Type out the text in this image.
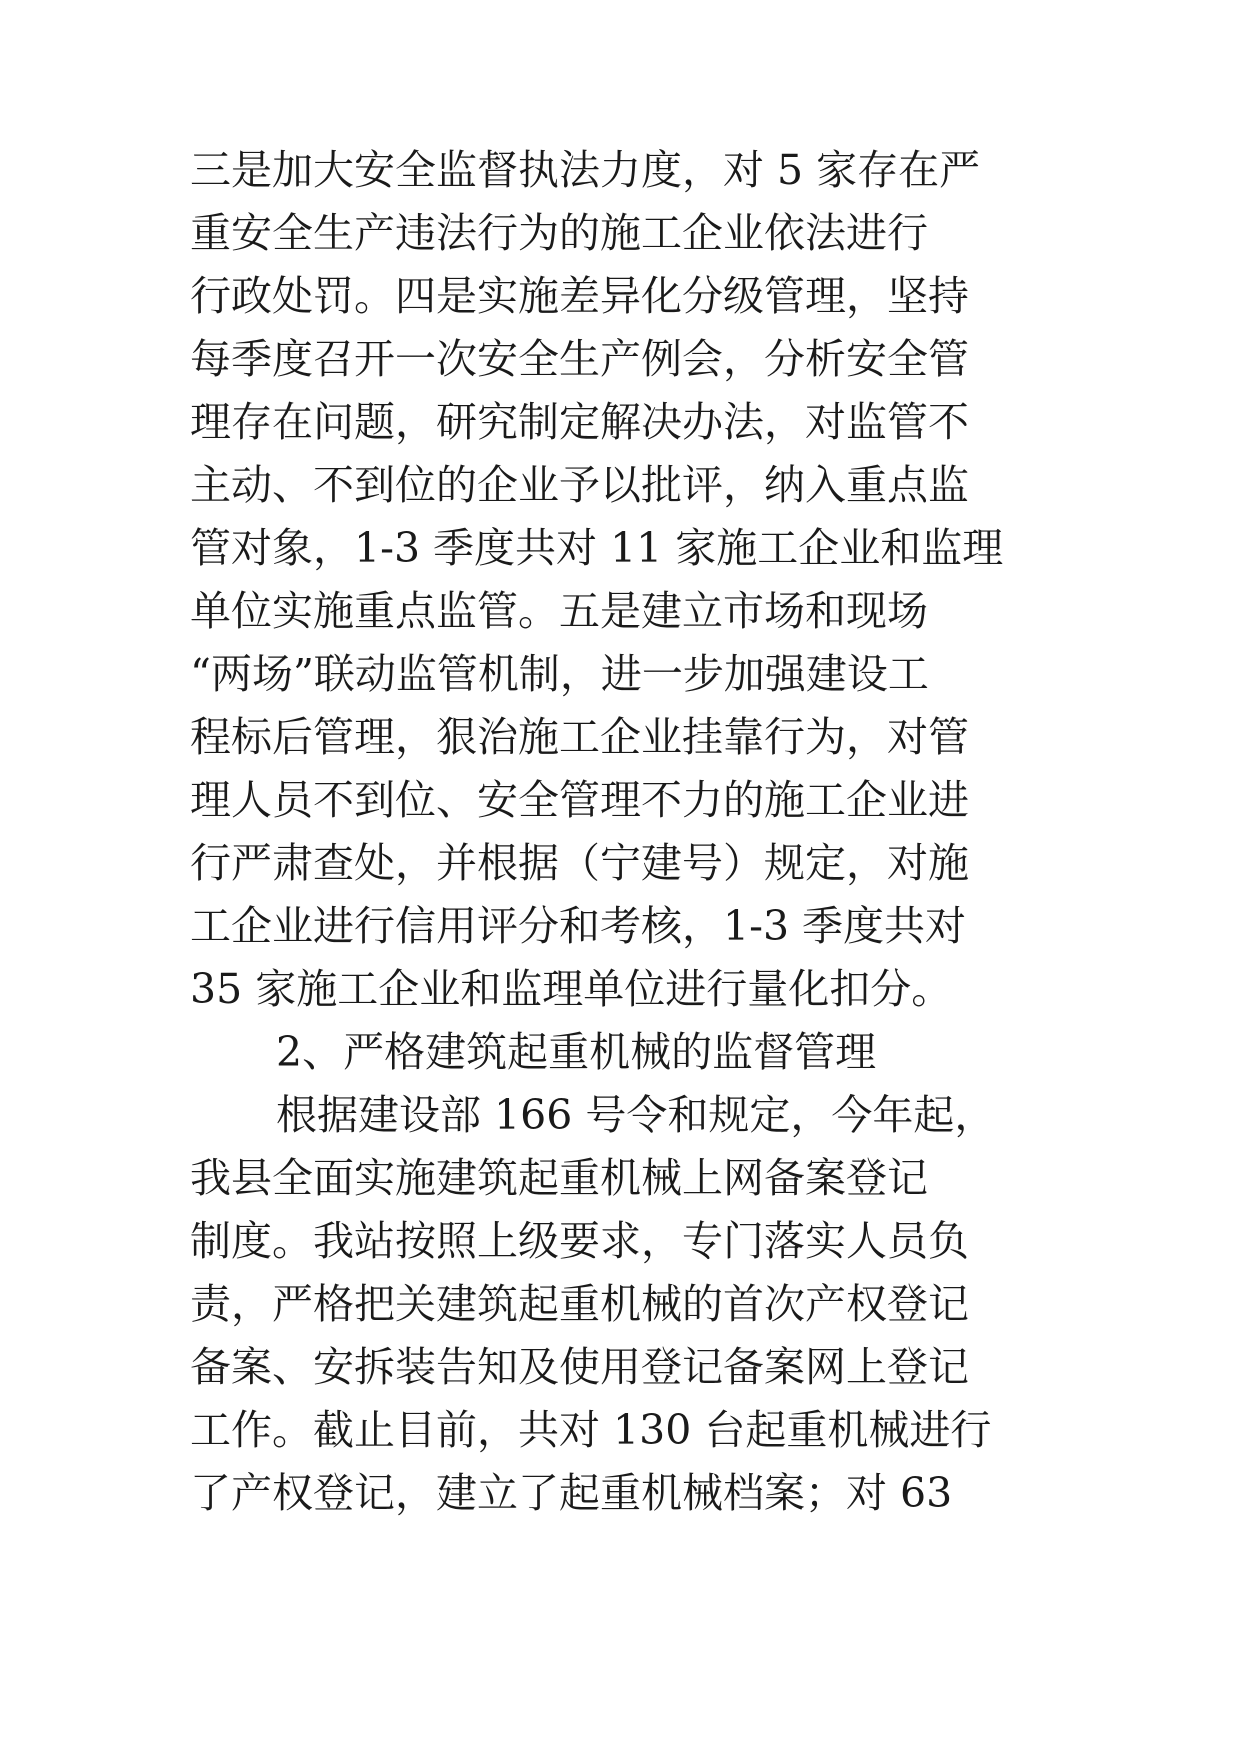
三是加大安全监督执法力度，对 5 家存在严
重安全生产违法行为的施工企业依法进行
行政处罚。四是实施差异化分级管理，坚持
每季度召开一次安全生产例会，分析安全管
理存在问题，研究制定解决办法，对监管不
主动、不到位的企业予以批评，纳入重点监
管对象，1-3 季度共对 11 家施工企业和监理
单位实施重点监管。五是建立市场和现场
“两场”联动监管机制，进一步加强建设工
程标后管理，狠治施工企业挂靠行为，对管
理人员不到位、安全管理不力的施工企业进
行严肃查处，并根据（宁建号）规定，对施
工企业进行信用评分和考核，1-3 季度共对
35 家施工企业和监理单位进行量化扣分。
2、严格建筑起重机械的监督管理
根据建设部 166 号令和规定，今年起，
我县全面实施建筑起重机械上网备案登记
制度。我站按照上级要求，专门落实人员负
责，严格把关建筑起重机械的首次产权登记
备案、安拆装告知及使用登记备案网上登记
工作。截止目前，共对 130 台起重机械进行
了产权登记，建立了起重机械档案；对 63
